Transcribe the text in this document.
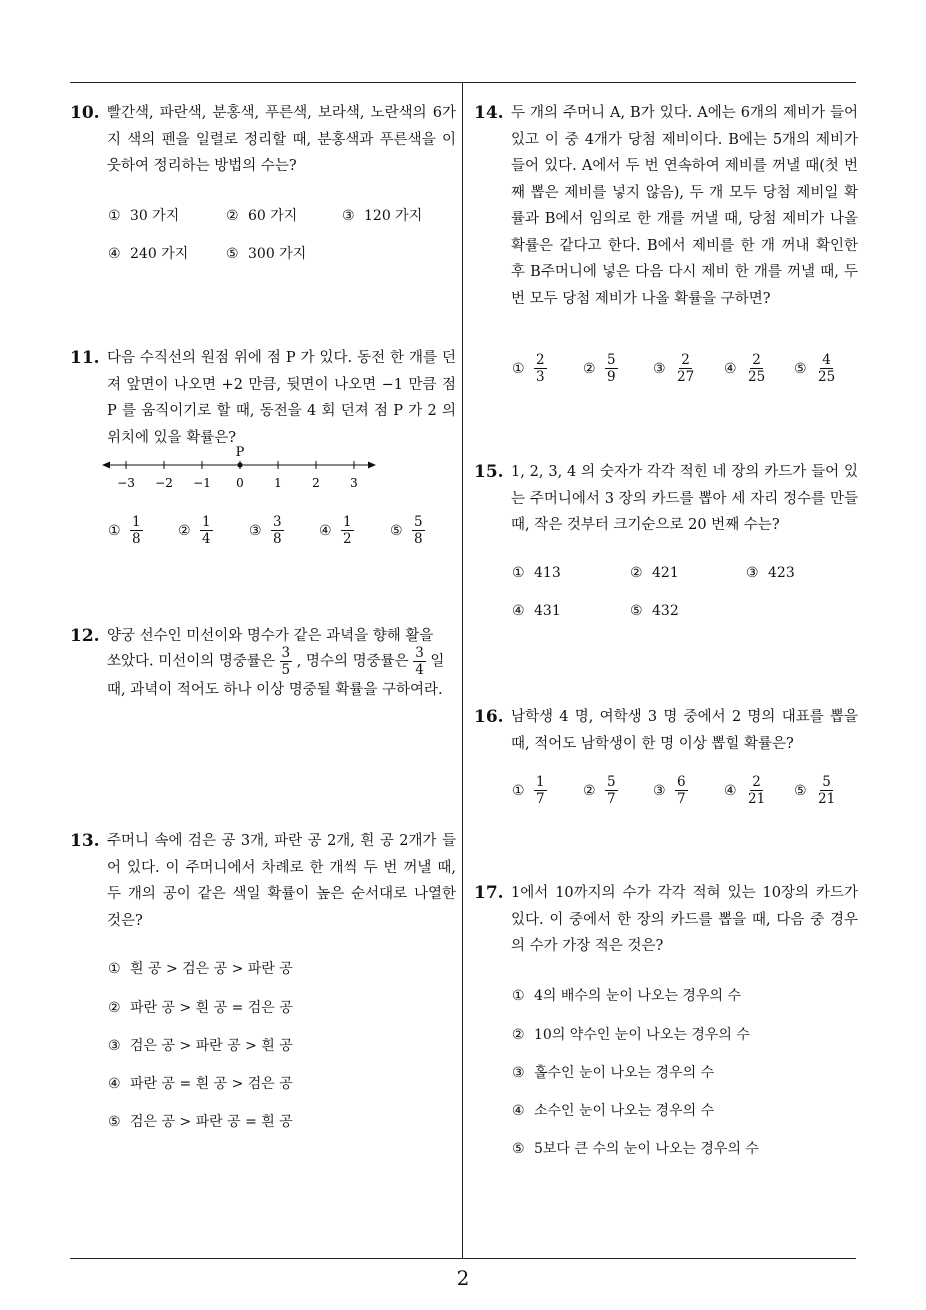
10. 빨간색, 파란색, 분홍색, 푸른색, 보라색, 노란색의 6가지 색의 펜을 일렬로 정리할 때, 분홍색과 푸른색을 이웃하여 정리하는 방법의 수는?
① 30 가지	② 60 가지	③ 120 가지
④ 240 가지	⑤ 300 가지
11. 다음 수직선의 원점 위에 점 P 가 있다. 동전 한 개를 던져 앞면이 나오면 +2 만큼, 뒷면이 나오면 −1 만큼 점 P 를 움직이기로 할 때, 동전을 4 회 던져 점 P 가 2 의 위치에 있을 확률은?
P
−3 −2 −1 0	1	2	3
① $\frac{1}{8}$	② $\frac{1}{4}$	③ $\frac{3}{8}$	④ $\frac{1}{2}$	⑤ $\frac{5}{8}$
12. 양궁 선수인 미선이와 명수가 같은 과녁을 향해 활을
쏘았다. 미선이의 명중률은 $\frac{3}{5}$ , 명수의 명중률은 $\frac{3}{4}$ 일
때, 과녁이 적어도 하나 이상 명중될 확률을 구하여라.
13. 주머니 속에 검은 공 3개, 파란 공 2개, 흰 공 2개가 들어 있다. 이 주머니에서 차례로 한 개씩 두 번 꺼낼 때, 두 개의 공이 같은 색일 확률이 높은 순서대로 나열한 것은?
① 흰 공 > 검은 공 > 파란 공
② 파란 공 > 흰 공 = 검은 공
③ 검은 공 > 파란 공 > 흰 공
④ 파란 공 = 흰 공 > 검은 공
⑤ 검은 공 > 파란 공 = 흰 공
14. 두 개의 주머니 A, B가 있다. A에는 6개의 제비가 들어 있고 이 중 4개가 당첨 제비이다. B에는 5개의 제비가 들어 있다. A에서 두 번 연속하여 제비를 꺼낼 때(첫 번째 뽑은 제비를 넣지 않음), 두 개 모두 당첨 제비일 확률과 B에서 임의로 한 개를 꺼낼 때, 당첨 제비가 나올 확률은 같다고 한다. B에서 제비를 한 개 꺼내 확인한 후 B주머니에 넣은 다음 다시 제비 한 개를 꺼낼 때, 두 번 모두 당첨 제비가 나올 확률을 구하면?
① $\frac{2}{3}$	② $\frac{5}{9}$	③ $\frac{2}{27}$ ④ $\frac{2}{25}$ ⑤ $\frac{4}{25}$
15. 1, 2, 3, 4 의 숫자가 각각 적힌 네 장의 카드가 들어 있는 주머니에서 3 장의 카드를 뽑아 세 자리 정수를 만들 때, 작은 것부터 크기순으로 20 번째 수는?
① 413	② 421	③ 423
④ 431	⑤ 432
16. 남학생 4 명, 여학생 3 명 중에서 2 명의 대표를 뽑을 때, 적어도 남학생이 한 명 이상 뽑힐 확률은?
① $\frac{1}{7}$	② $\frac{5}{7}$	③ $\frac{6}{7}$	④ $\frac{2}{21}$ ⑤ $\frac{5}{21}$
17. 1에서 10까지의 수가 각각 적혀 있는 10장의 카드가 있다. 이 중에서 한 장의 카드를 뽑을 때, 다음 중 경우의 수가 가장 적은 것은?
① 4의 배수의 눈이 나오는 경우의 수
② 10의 약수인 눈이 나오는 경우의 수
③ 홀수인 눈이 나오는 경우의 수
④ 소수인 눈이 나오는 경우의 수
⑤ 5보다 큰 수의 눈이 나오는 경우의 수
2
